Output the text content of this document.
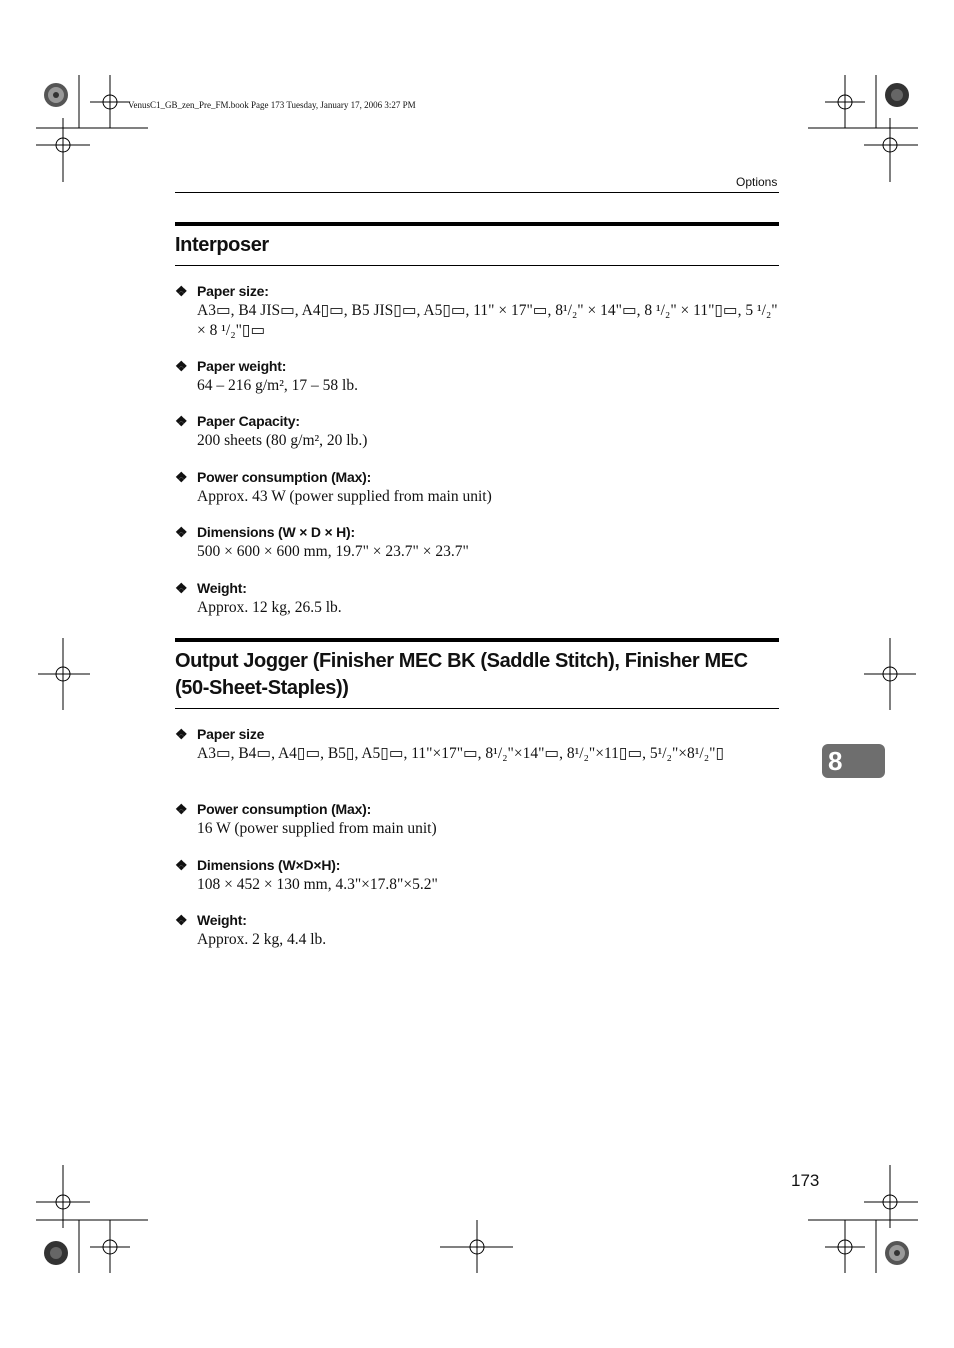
VenusC1_GB_zen_Pre_FM.book Page 173 Tuesday, January 17, 2006 3:27 PM
Options
Interposer
❖ Paper size:
A3▭, B4 JIS▭, A4▯▭, B5 JIS▯▭, A5▯▭, 11" × 17"▭, 8¹/₂" × 14"▭, 8 ¹/₂" × 11"▯▭, 5 ¹/₂" × 8 ¹/₂"▯▭
❖ Paper weight:
64 – 216 g/m², 17 – 58 lb.
❖ Paper Capacity:
200 sheets (80 g/m², 20 lb.)
❖ Power consumption (Max):
Approx. 43 W (power supplied from main unit)
❖ Dimensions (W × D × H):
500 × 600 × 600 mm, 19.7" × 23.7" × 23.7"
❖ Weight:
Approx. 12 kg, 26.5 lb.
Output Jogger (Finisher MEC BK (Saddle Stitch), Finisher MEC (50-Sheet-Staples))
❖ Paper size
A3▭, B4▭, A4▯▭, B5▯, A5▯▭, 11"×17"▭, 8¹/₂"×14"▭, 8¹/₂"×11▯▭, 5¹/₂"×8¹/₂"▯
❖ Power consumption (Max):
16 W (power supplied from main unit)
❖ Dimensions (W×D×H):
108 × 452 × 130 mm, 4.3"×17.8"×5.2"
❖ Weight:
Approx. 2 kg, 4.4 lb.
8
173
